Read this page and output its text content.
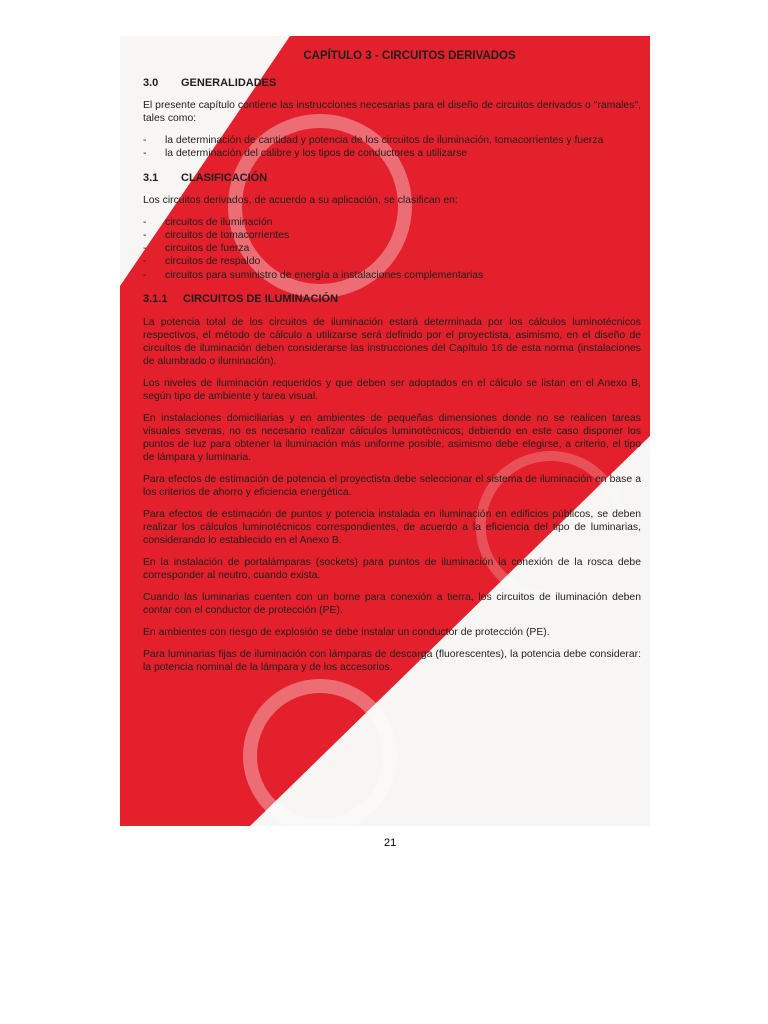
CAPÍTULO 3 - CIRCUITOS DERIVADOS
3.0 GENERALIDADES

El presente capítulo contiene las instrucciones necesarias para el diseño de circuitos derivados o "ramales", tales como:

- la determinación de cantidad y potencia de los circuitos de iluminación, tomacorrientes y fuerza
- la determinación del calibre y los tipos de conductores a utilizarse
3.1 CLASIFICACIÓN

Los circuitos derivados, de acuerdo a su aplicación, se clasifican en:

- circuitos de iluminación
- circuitos de tomacorrientes
- circuitos de fuerza
- circuitos de respaldo
- circuitos para suministro de energía a instalaciones complementarias
3.1.1 CIRCUITOS DE ILUMINACIÓN

La potencia total de los circuitos de iluminación estará determinada por los cálculos luminotécnicos respectivos, el método de cálculo a utilizarse será definido por el proyectista, asimismo, en el diseño de circuitos de iluminación deben considerarse las instrucciones del Capítulo 16 de esta norma (instalaciones de alumbrado o iluminación).

Los niveles de iluminación requeridos y que deben ser adoptados en el cálculo se listan en el Anexo B, según tipo de ambiente y tarea visual.

En instalaciones domiciliarias y en ambientes de pequeñas dimensiones donde no se realicen tareas visuales severas, no es necesario realizar cálculos luminotécnicos; debiendo en este caso disponer los puntos de luz para obtener la iluminación más uniforme posible, asimismo debe elegirse, a criterio, el tipo de lámpara y luminaria.

Para efectos de estimación de potencia el proyectista debe seleccionar el sistema de iluminación en base a los criterios de ahorro y eficiencia energética.

Para efectos de estimación de puntos y potencia instalada en iluminación en edificios públicos, se deben realizar los cálculos luminotécnicos correspondientes, de acuerdo a la eficiencia del tipo de luminarias, considerando lo establecido en el Anexo B.

En la instalación de portalámparas (sockets) para puntos de iluminación la conexión de la rosca debe corresponder al neutro, cuando exista.

Cuando las luminarias cuenten con un borne para conexión a tierra, los circuitos de iluminación deben contar con el conductor de protección (PE).

En ambientes con riesgo de explosión se debe instalar un conductor de protección (PE).

Para luminarias fijas de iluminación con lámparas de descarga (fluorescentes), la potencia debe considerar: la potencia nominal de la lámpara y de los accesorios.

©IBNORCA · DERECHOS RESERVADOS
DOCUMENTO PROTEGIDO POR EL DERECHO PROPIETARIO INTELECTUAL
21
